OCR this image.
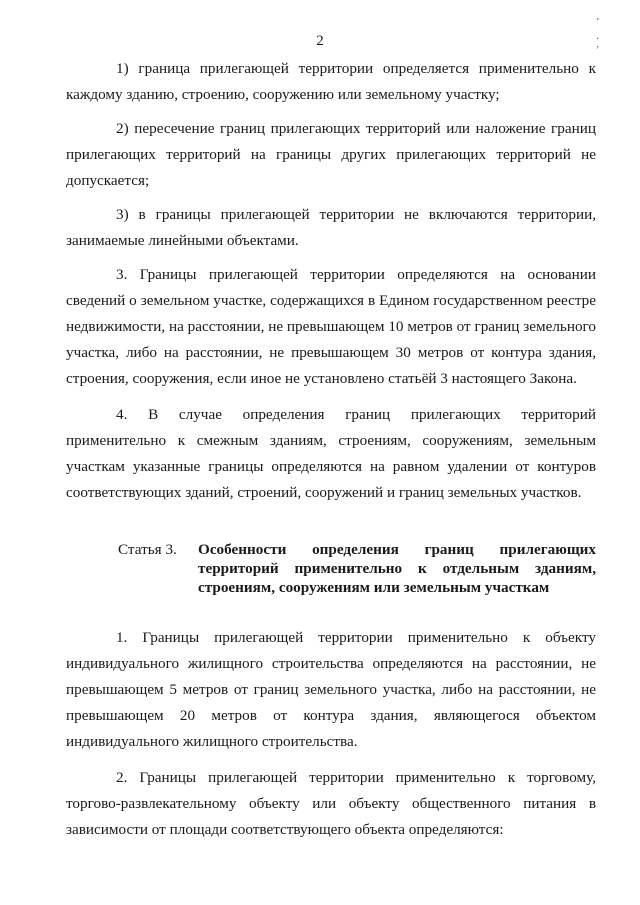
2
’
․
’

1) граница прилегающей территории определяется применительно к каждому зданию, строению, сооружению или земельному участку;

2) пересечение границ прилегающих территорий или наложение границ прилегающих территорий на границы других прилегающих территорий не допускается;

3) в границы прилегающей территории не включаются территории, занимаемые линейными объектами.

3. Границы прилегающей территории определяются на основании сведений о земельном участке, содержащихся в Едином государственном реестре недвижимости, на расстоянии, не превышающем 10 метров от границ земельного участка, либо на расстоянии, не превышающем 30 метров от контура здания, строения, сооружения, если иное не установлено статьёй 3 настоящего Закона.

4. В случае определения границ прилегающих территорий применительно к смежным зданиям, строениям, сооружениям, земельным участкам указанные границы определяются на равном удалении от контуров соответствующих зданий, строений, сооружений и границ земельных участков.

Статья 3.	Особенности определения границ прилегающих
территорий применительно к отдельным зданиям,
строениям, сооружениям или земельным участкам

1. Границы прилегающей территории применительно к объекту индивидуального жилищного строительства определяются на расстоянии, не превышающем 5 метров от границ земельного участка, либо на расстоянии, не превышающем 20 метров от контура здания, являющегося объектом индивидуального жилищного строительства.

2. Границы прилегающей территории применительно к торговому, торгово-развлекательному объекту или объекту общественного питания в зависимости от площади соответствующего объекта определяются:
